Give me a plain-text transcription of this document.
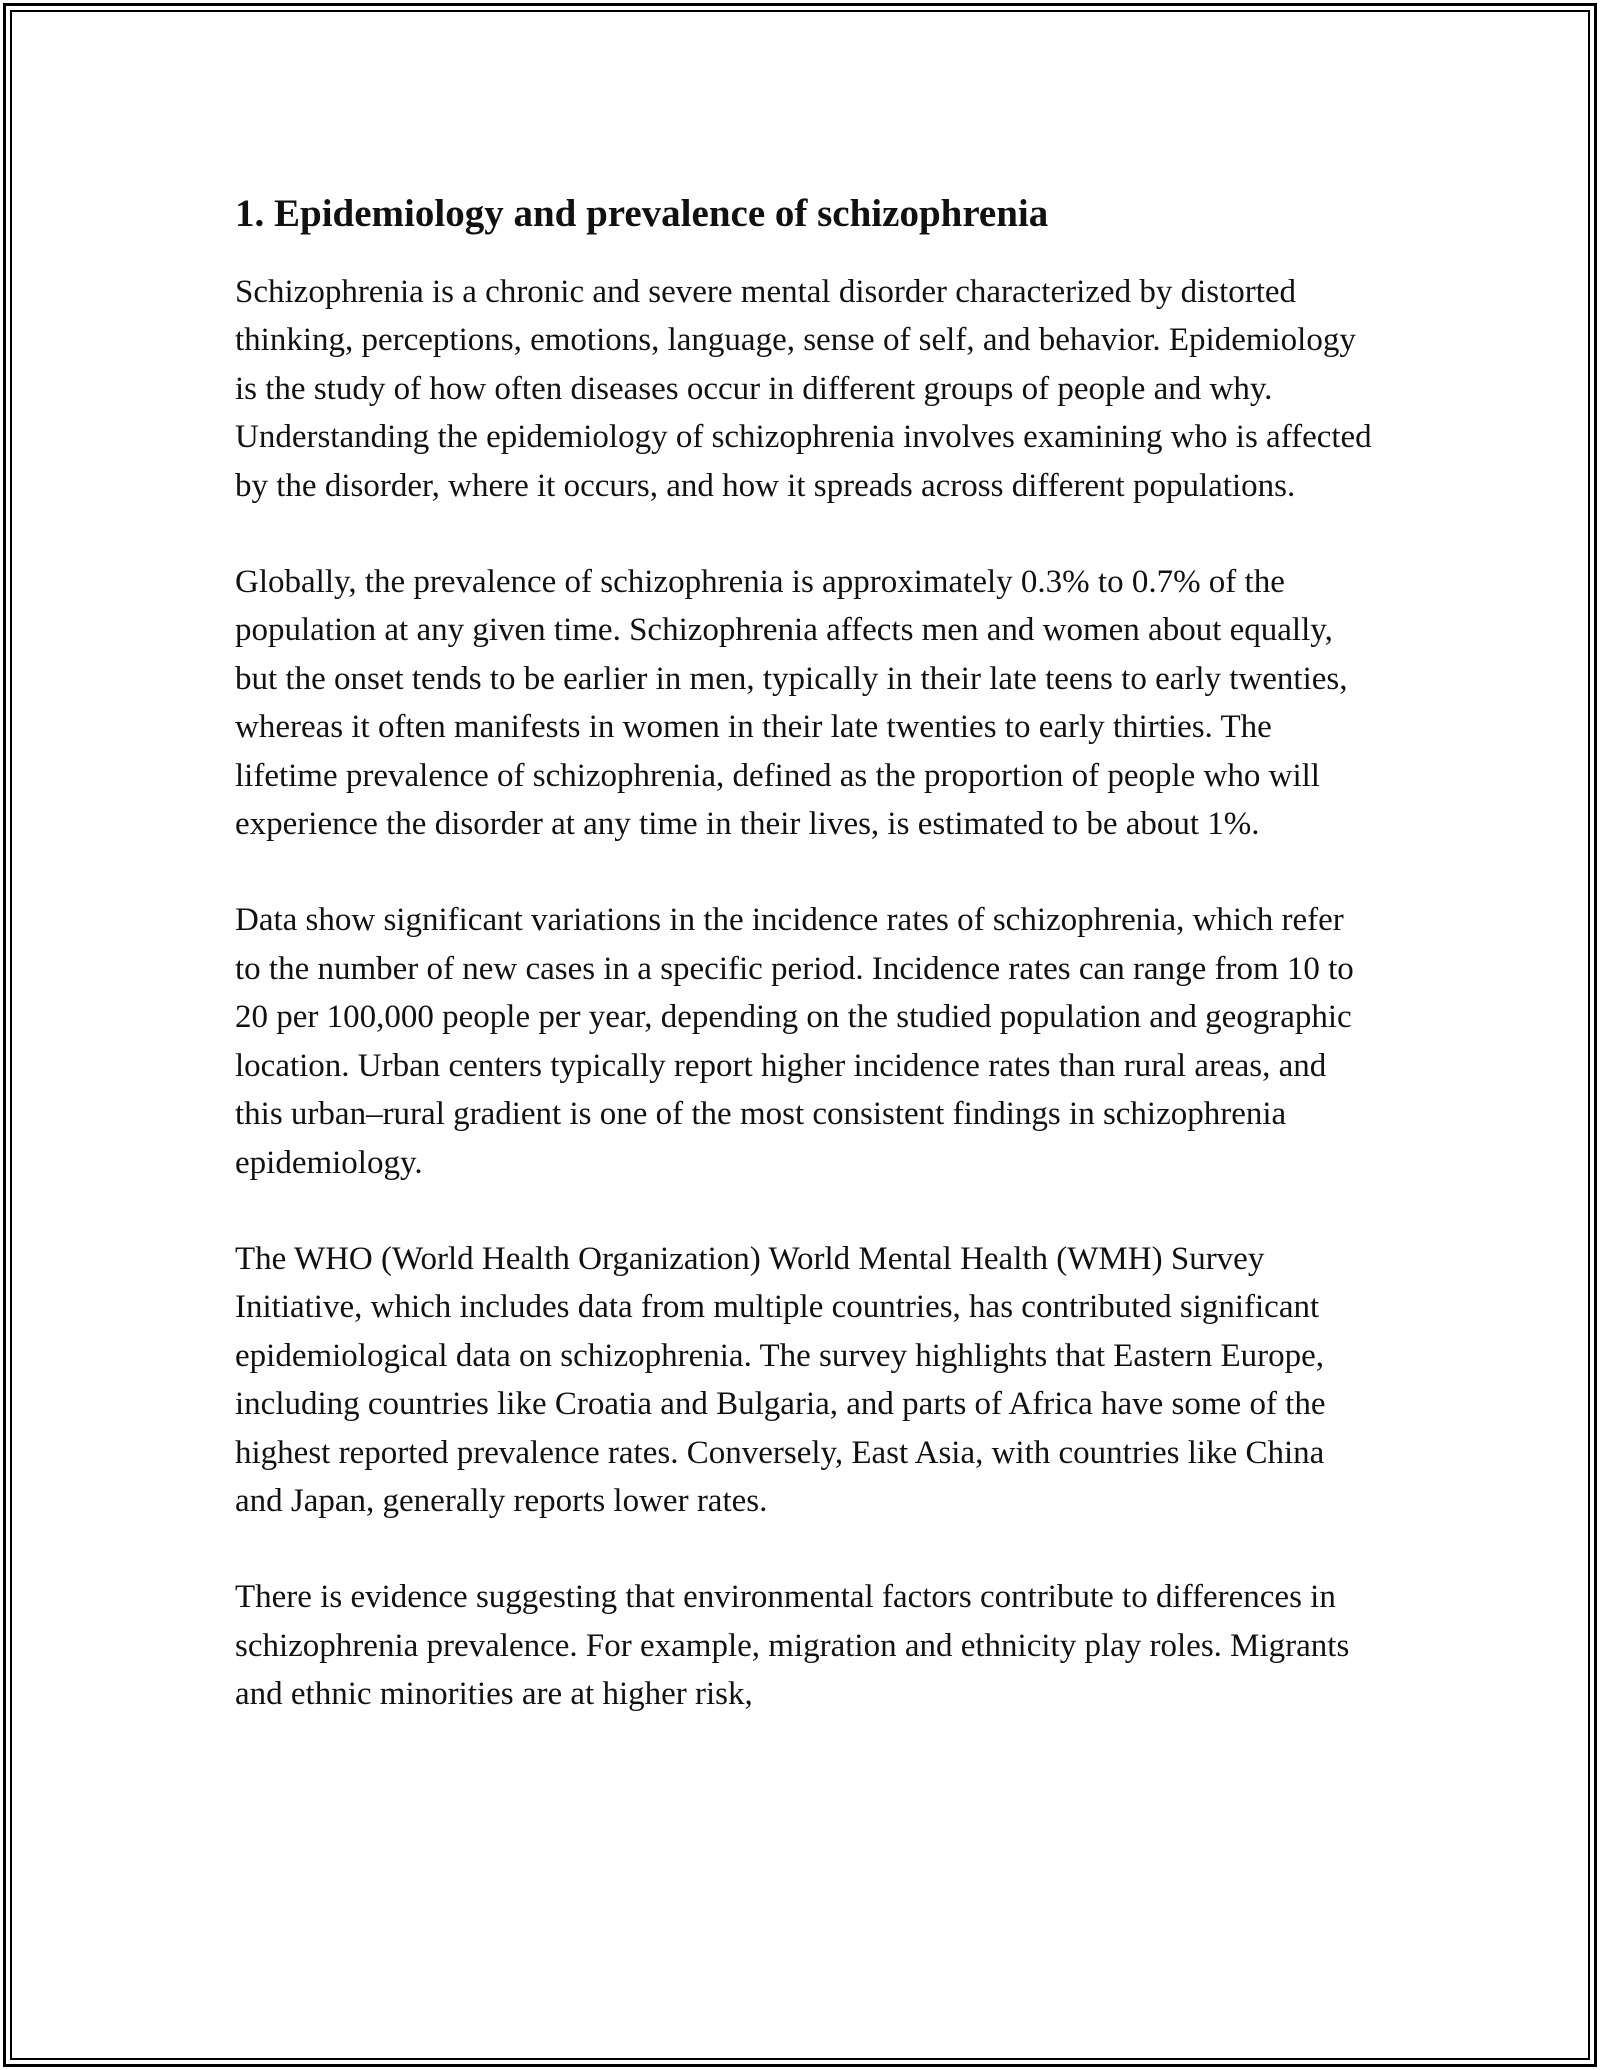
1. Epidemiology and prevalence of schizophrenia

Schizophrenia is a chronic and severe mental disorder characterized by distorted thinking, perceptions, emotions, language, sense of self, and behavior. Epidemiology is the study of how often diseases occur in different groups of people and why. Understanding the epidemiology of schizophrenia involves examining who is affected by the disorder, where it occurs, and how it spreads across different populations.

Globally, the prevalence of schizophrenia is approximately 0.3% to 0.7% of the population at any given time. Schizophrenia affects men and women about equally, but the onset tends to be earlier in men, typically in their late teens to early twenties, whereas it often manifests in women in their late twenties to early thirties. The lifetime prevalence of schizophrenia, defined as the proportion of people who will experience the disorder at any time in their lives, is estimated to be about 1%.

Data show significant variations in the incidence rates of schizophrenia, which refer to the number of new cases in a specific period. Incidence rates can range from 10 to 20 per 100,000 people per year, depending on the studied population and geographic location. Urban centers typically report higher incidence rates than rural areas, and this urban–rural gradient is one of the most consistent findings in schizophrenia epidemiology.

The WHO (World Health Organization) World Mental Health (WMH) Survey Initiative, which includes data from multiple countries, has contributed significant epidemiological data on schizophrenia. The survey highlights that Eastern Europe, including countries like Croatia and Bulgaria, and parts of Africa have some of the highest reported prevalence rates. Conversely, East Asia, with countries like China and Japan, generally reports lower rates.

There is evidence suggesting that environmental factors contribute to differences in schizophrenia prevalence. For example, migration and ethnicity play roles. Migrants and ethnic minorities are at higher risk,
